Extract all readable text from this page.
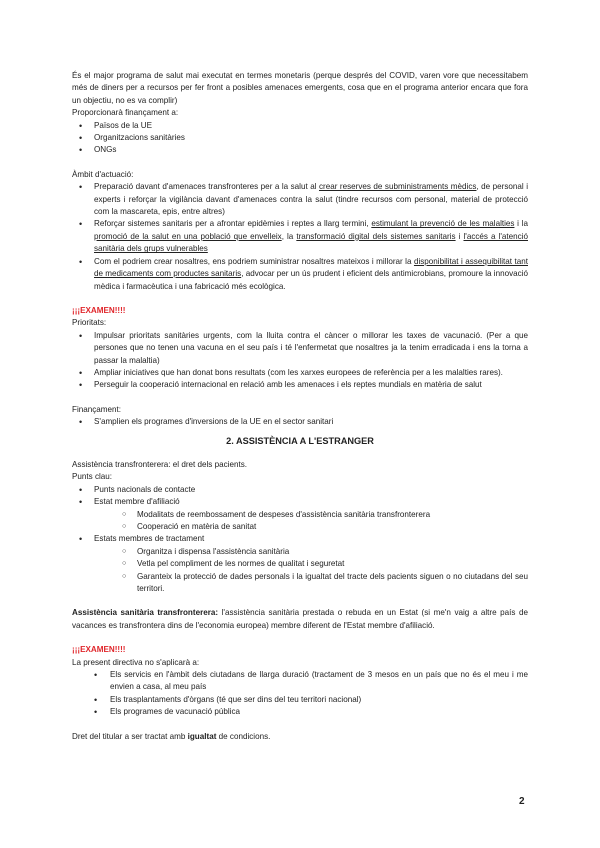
És el major programa de salut mai executat en termes monetaris (perque després del COVID, varen vore que necessitabem més de diners per a recursos per fer front a posibles amenaces emergents, cosa que en el programa anterior encara que fora un objectiu, no es va complir)

Proporcionarà finançament a:

• Països de la UE
• Organitzacions sanitàries
• ONGs

Àmbit d'actuació:

• Preparació davant d'amenaces transfronteres per a la salut al crear reserves de subministraments mèdics, de personal i experts i reforçar la vigilància davant d'amenaces contra la salut (tindre recursos com personal, material de protecció com la mascareta, epis, entre altres)
• Reforçar sistemes sanitaris per a afrontar epidèmies i reptes a llarg termini, estimulant la prevenció de les malalties i la promoció de la salut en una població que envelleix, la transformació digital dels sistemes sanitaris i l'accés a l'atenció sanitària dels grups vulnerables
• Com el podriem crear nosaltres, ens podriem suministrar nosaltres mateixos i millorar la disponibilitat i assequibilitat tant de medicaments com productes sanitaris, advocar per un ús prudent i eficient dels antimicrobians, promoure la innovació mèdica i farmacèutica i una fabricació més ecològica.

¡¡¡EXAMEN!!!!

Prioritats:

• Impulsar prioritats sanitàries urgents, com la lluita contra el càncer o millorar les taxes de vacunació. (Per a que persones que no tenen una vacuna en el seu país i té l'enfermetat que nosaltres ja la tenim erradicada i ens la torna a passar la malaltia)
• Ampliar iniciatives que han donat bons resultats (com les xarxes europees de referència per a les malalties rares).
• Perseguir la cooperació internacional en relació amb les amenaces i els reptes mundials en matèria de salut

Finançament:

• S'amplien els programes d'inversions de la UE en el sector sanitari

2. ASSISTÈNCIA A L'ESTRANGER

Assistència transfronterera: el dret dels pacients.

Punts clau:

• Punts nacionals de contacte
• Estat membre d'afiliació
○ Modalitats de reembossament de despeses d'assistència sanitària transfronterera
○ Cooperació en matèria de sanitat
• Estats membres de tractament
○ Organitza i dispensa l'assistència sanitària
○ Vetla pel compliment de les normes de qualitat i seguretat
○ Garanteix la protecció de dades personals i la igualtat del tracte dels pacients siguen o no ciutadans del seu territori.

Assistència sanitària transfronterera: l'assistència sanitària prestada o rebuda en un Estat (si me'n vaig a altre país de vacances es transfrontera dins de l'economia europea) membre diferent de l'Estat membre d'afiliació.

¡¡¡EXAMEN!!!!

La present directiva no s'aplicarà a:

• Els servicis en l'àmbit dels ciutadans de llarga duració (tractament de 3 mesos en un país que no és el meu i me envien a casa, al meu país
• Els trasplantaments d'òrgans (té que ser dins del teu territori nacional)
• Els programes de vacunació pública

Dret del titular a ser tractat amb igualtat de condicions.

2
